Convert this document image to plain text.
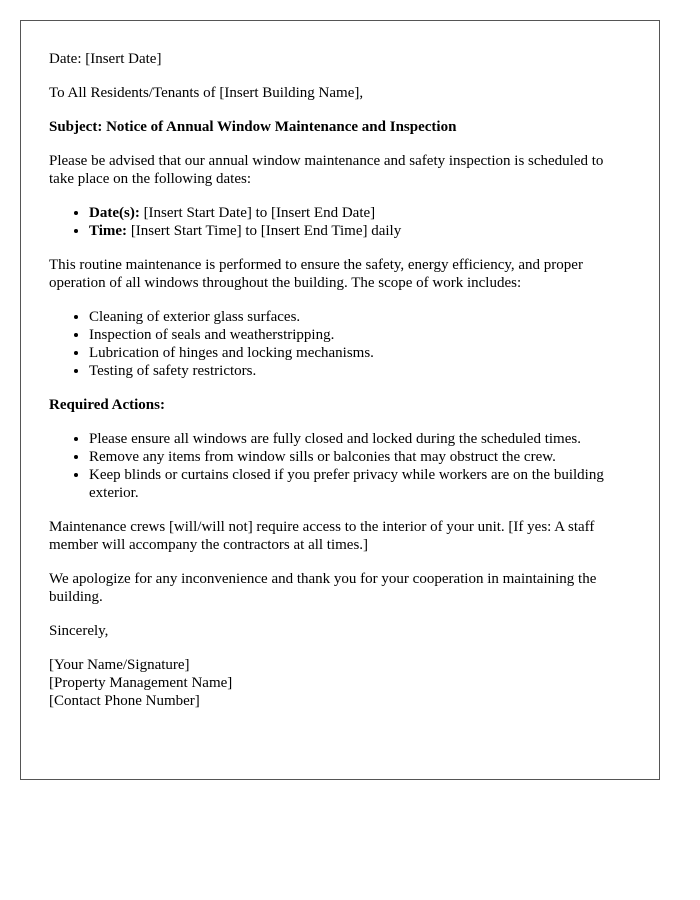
Date: [Insert Date]

To All Residents/Tenants of [Insert Building Name],

Subject: Notice of Annual Window Maintenance and Inspection

Please be advised that our annual window maintenance and safety inspection is scheduled to take place on the following dates:

• Date(s): [Insert Start Date] to [Insert End Date]
• Time: [Insert Start Time] to [Insert End Time] daily

This routine maintenance is performed to ensure the safety, energy efficiency, and proper operation of all windows throughout the building. The scope of work includes:

• Cleaning of exterior glass surfaces.
• Inspection of seals and weatherstripping.
• Lubrication of hinges and locking mechanisms.
• Testing of safety restrictors.

Required Actions:

• Please ensure all windows are fully closed and locked during the scheduled times.
• Remove any items from window sills or balconies that may obstruct the crew.
• Keep blinds or curtains closed if you prefer privacy while workers are on the building exterior.

Maintenance crews [will/will not] require access to the interior of your unit. [If yes: A staff member will accompany the contractors at all times.]

We apologize for any inconvenience and thank you for your cooperation in maintaining the building.

Sincerely,

[Your Name/Signature]
[Property Management Name]
[Contact Phone Number]
